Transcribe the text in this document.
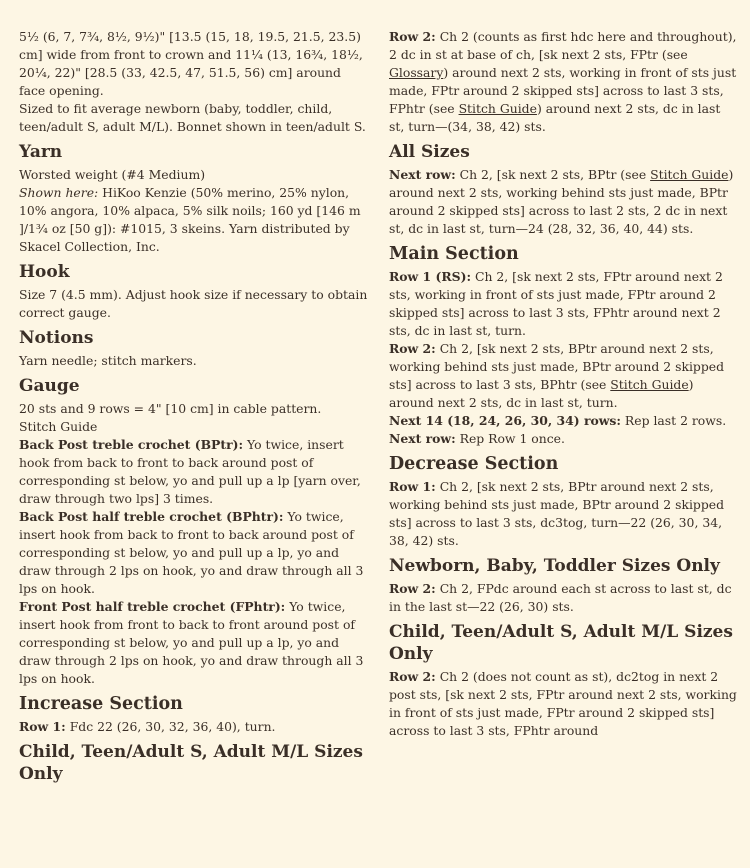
5½ (6, 7, 7¾, 8½, 9½)" [13.5 (15, 18, 19.5, 21.5, 23.5) cm] wide from front to crown and 11¼ (13, 16¾, 18½, 20¼, 22)" [28.5 (33, 42.5, 47, 51.5, 56) cm] around face opening.

Sized to fit average newborn (baby, toddler, child, teen/adult S, adult M/L). Bonnet shown in teen/adult S.

Yarn

Worsted weight (#4 Medium)

Shown here: HiKoo Kenzie (50% merino, 25% nylon, 10% angora, 10% alpaca, 5% silk noils; 160 yd [146 m ]/1¾ oz [50 g]): #1015, 3 skeins. Yarn distributed by Skacel Collection, Inc.

Hook

Size 7 (4.5 mm). Adjust hook size if necessary to obtain correct gauge.

Notions

Yarn needle; stitch markers.

Gauge

20 sts and 9 rows = 4" [10 cm] in cable pattern.

Stitch Guide

Back Post treble crochet (BPtr): Yo twice, insert hook from back to front to back around post of corresponding st below, yo and pull up a lp [yarn over, draw through two lps] 3 times.

Back Post half treble crochet (BPhtr): Yo twice, insert hook from back to front to back around post of corresponding st below, yo and pull up a lp, yo and draw through 2 lps on hook, yo and draw through all 3 lps on hook.

Front Post half treble crochet (FPhtr): Yo twice, insert hook from front to back to front around post of corresponding st below, yo and pull up a lp, yo and draw through 2 lps on hook, yo and draw through all 3 lps on hook.

Increase Section

Row 1: Fdc 22 (26, 30, 32, 36, 40), turn.

Child, Teen/Adult S, Adult M/L Sizes Only

Row 2: Ch 2 (counts as first hdc here and throughout), 2 dc in st at base of ch, [sk next 2 sts, FPtr (see Glossary) around next 2 sts, working in front of sts just made, FPtr around 2 skipped sts] across to last 3 sts, FPhtr (see Stitch Guide) around next 2 sts, dc in last st, turn—(34, 38, 42) sts.

All Sizes

Next row: Ch 2, [sk next 2 sts, BPtr (see Stitch Guide) around next 2 sts, working behind sts just made, BPtr around 2 skipped sts] across to last 2 sts, 2 dc in next st, dc in last st, turn—24 (28, 32, 36, 40, 44) sts.

Main Section

Row 1 (RS): Ch 2, [sk next 2 sts, FPtr around next 2 sts, working in front of sts just made, FPtr around 2 skipped sts] across to last 3 sts, FPhtr around next 2 sts, dc in last st, turn.

Row 2: Ch 2, [sk next 2 sts, BPtr around next 2 sts, working behind sts just made, BPtr around 2 skipped sts] across to last 3 sts, BPhtr (see Stitch Guide) around next 2 sts, dc in last st, turn.

Next 14 (18, 24, 26, 30, 34) rows: Rep last 2 rows.

Next row: Rep Row 1 once.

Decrease Section

Row 1: Ch 2, [sk next 2 sts, BPtr around next 2 sts, working behind sts just made, BPtr around 2 skipped sts] across to last 3 sts, dc3tog, turn—22 (26, 30, 34, 38, 42) sts.

Newborn, Baby, Toddler Sizes Only

Row 2: Ch 2, FPdc around each st across to last st, dc in the last st—22 (26, 30) sts.

Child, Teen/Adult S, Adult M/L Sizes Only

Row 2: Ch 2 (does not count as st), dc2tog in next 2 post sts, [sk next 2 sts, FPtr around next 2 sts, working in front of sts just made, FPtr around 2 skipped sts] across to last 3 sts, FPhtr around
